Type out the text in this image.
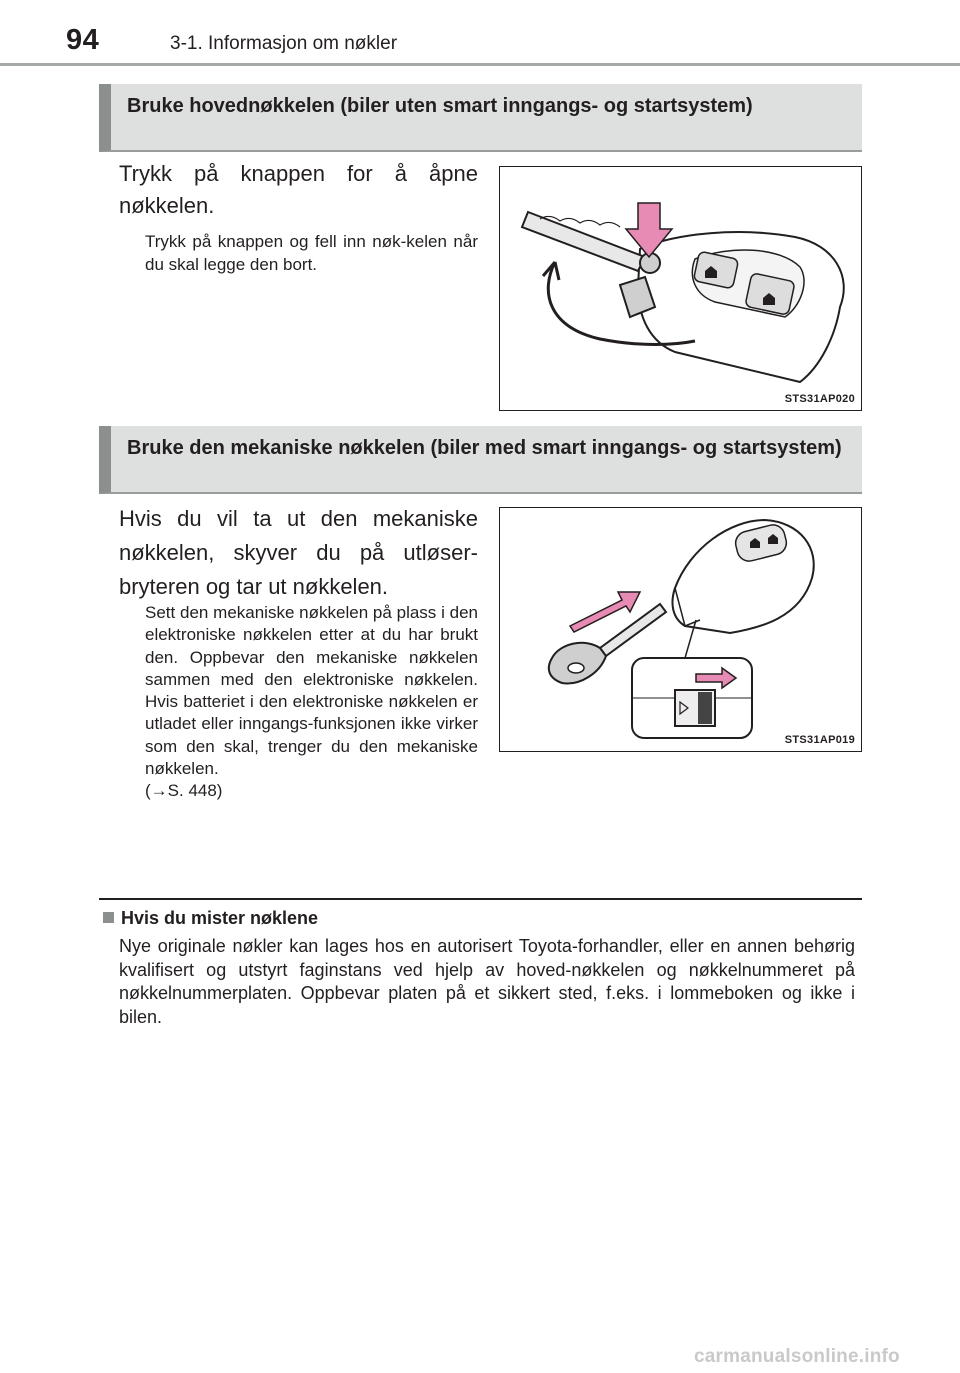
94	3-1. Informasjon om nøkler
Bruke hovednøkkelen (biler uten smart inngangs- og startsystem)
Trykk på knappen for å åpne nøkkelen.
Trykk på knappen og fell inn nøk-kelen når du skal legge den bort.
STS31AP020
Bruke den mekaniske nøkkelen (biler med smart inngangs- og startsystem)
Hvis du vil ta ut den mekaniske nøkkelen, skyver du på utløser-bryteren og tar ut nøkkelen.
Sett den mekaniske nøkkelen på plass i den elektroniske nøkkelen etter at du har brukt den. Oppbevar den mekaniske nøkkelen sammen med den elektroniske nøkkelen. Hvis batteriet i den elektroniske nøkkelen er utladet eller inngangs-funksjonen ikke virker som den skal, trenger du den mekaniske nøkkelen.
(→S. 448)
STS31AP019
Hvis du mister nøklene
Nye originale nøkler kan lages hos en autorisert Toyota-forhandler, eller en annen behørig kvalifisert og utstyrt faginstans ved hjelp av hoved-nøkkelen og nøkkelnummeret på nøkkelnummerplaten. Oppbevar platen på et sikkert sted, f.eks. i lommeboken og ikke i bilen.
carmanualsonline.info
